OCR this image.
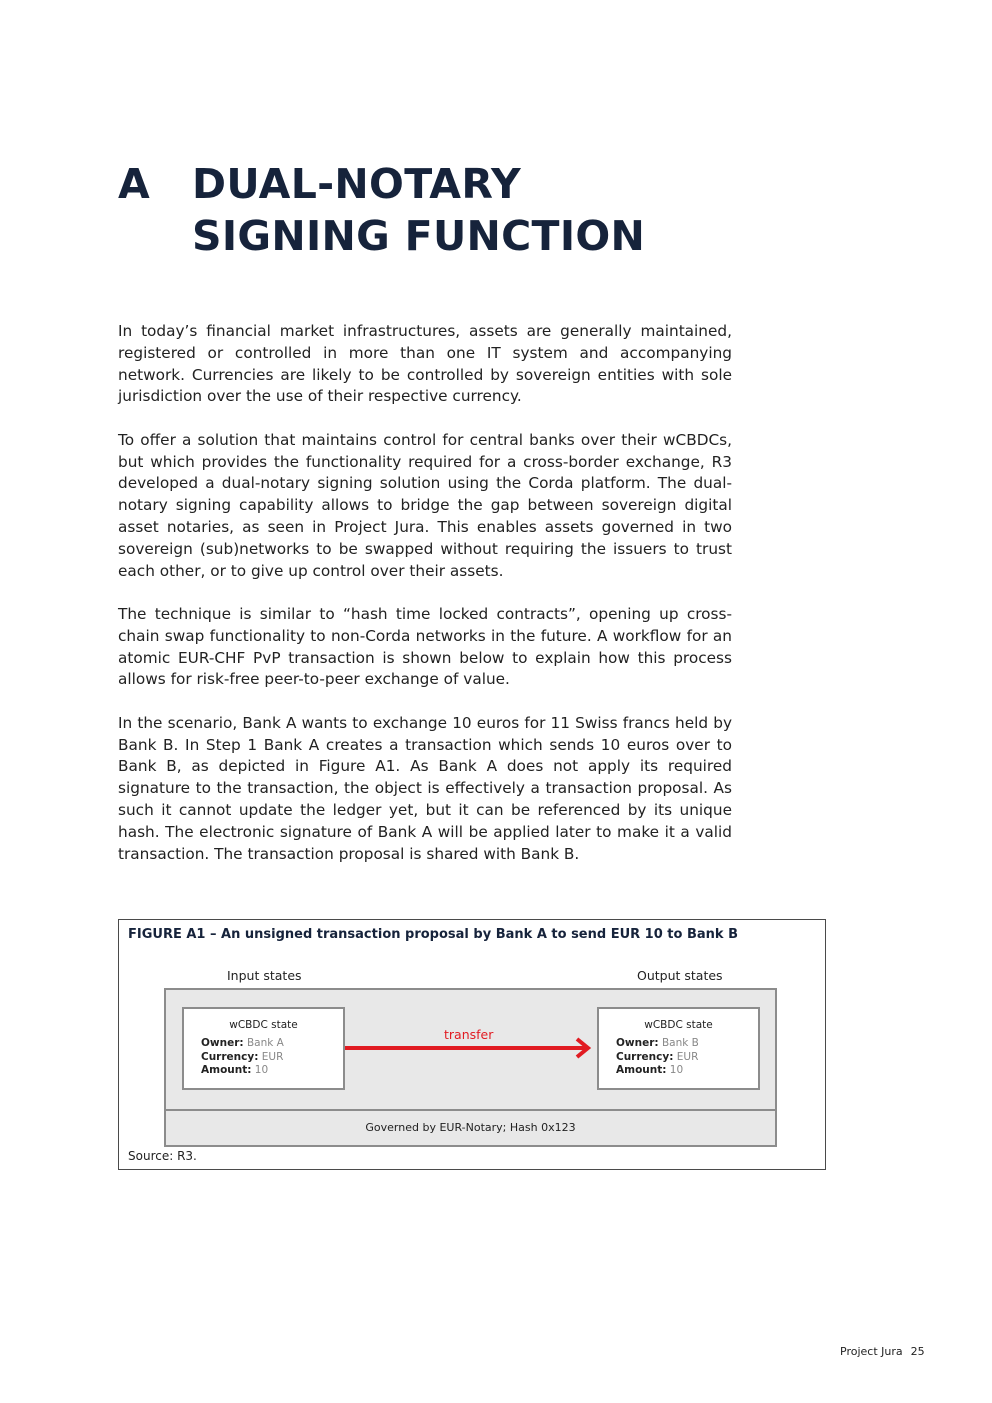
A DUAL-NOTARY
SIGNING FUNCTION

In today’s financial market infrastructures, assets are generally maintained, registered or controlled in more than one IT system and accompanying network. Currencies are likely to be controlled by sovereign entities with sole jurisdiction over the use of their respective currency.

To offer a solution that maintains control for central banks over their wCBDCs, but which provides the functionality required for a cross-border exchange, R3 developed a dual-notary signing solution using the Corda platform. The dual-notary signing capability allows to bridge the gap between sovereign digital asset notaries, as seen in Project Jura. This enables assets governed in two sovereign (sub)networks to be swapped without requiring the issuers to trust each other, or to give up control over their assets.

The technique is similar to “hash time locked contracts”, opening up cross-chain swap functionality to non-Corda networks in the future. A workflow for an atomic EUR-CHF PvP transaction is shown below to explain how this process allows for risk-free peer-to-peer exchange of value.

In the scenario, Bank A wants to exchange 10 euros for 11 Swiss francs held by Bank B. In Step 1 Bank A creates a transaction which sends 10 euros over to Bank B, as depicted in Figure A1. As Bank A does not apply its required signature to the transaction, the object is effectively a transaction proposal. As such it cannot update the ledger yet, but it can be referenced by its unique hash. The electronic signature of Bank A will be applied later to make it a valid transaction. The transaction proposal is shared with Bank B.

FIGURE A1 – An unsigned transaction proposal by Bank A to send EUR 10 to Bank B
Input states	Output states
wCBDC state
Owner: Bank A
Currency: EUR
Amount: 10
transfer
wCBDC state
Owner: Bank B
Currency: EUR
Amount: 10
Governed by EUR-Notary; Hash 0x123
Source: R3.
Project Jura 25
